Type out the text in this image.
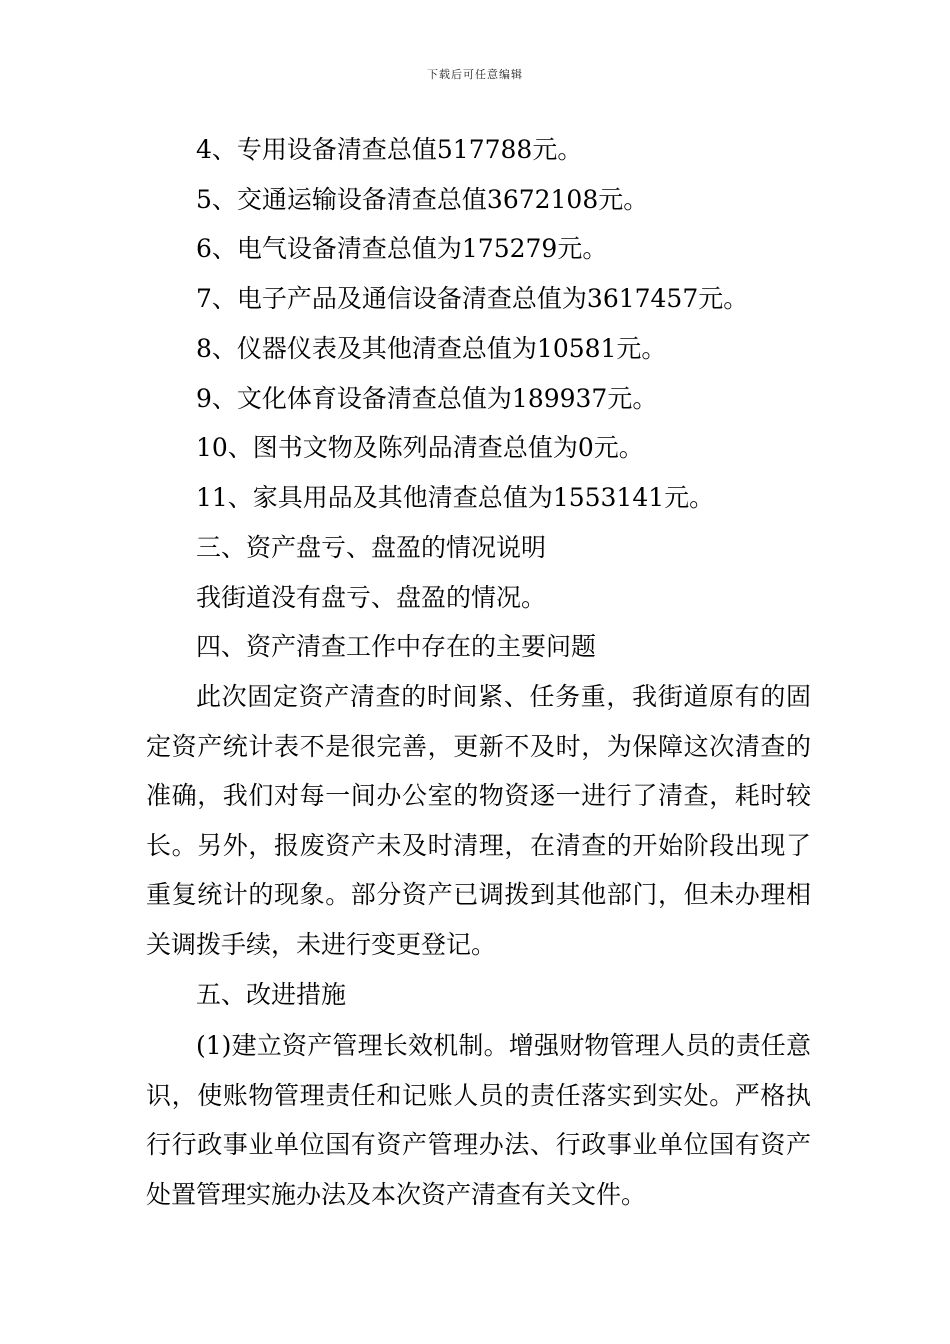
下载后可任意编辑
4、专用设备清查总值517788元。
5、交通运输设备清查总值3672108元。
6、电气设备清查总值为175279元。
7、电子产品及通信设备清查总值为3617457元。
8、仪器仪表及其他清查总值为10581元。
9、文化体育设备清查总值为189937元。
10、图书文物及陈列品清查总值为0元。
11、家具用品及其他清查总值为1553141元。
三、资产盘亏、盘盈的情况说明
我街道没有盘亏、盘盈的情况。
四、资产清查工作中存在的主要问题
此次固定资产清查的时间紧、任务重，我街道原有的固定资产统计表不是很完善，更新不及时，为保障这次清查的准确，我们对每一间办公室的物资逐一进行了清查，耗时较长。另外，报废资产未及时清理，在清查的开始阶段出现了重复统计的现象。部分资产已调拨到其他部门，但未办理相关调拨手续，未进行变更登记。
五、改进措施
(1)建立资产管理长效机制。增强财物管理人员的责任意识，使账物管理责任和记账人员的责任落实到实处。严格执行行政事业单位国有资产管理办法、行政事业单位国有资产处置管理实施办法及本次资产清查有关文件。
